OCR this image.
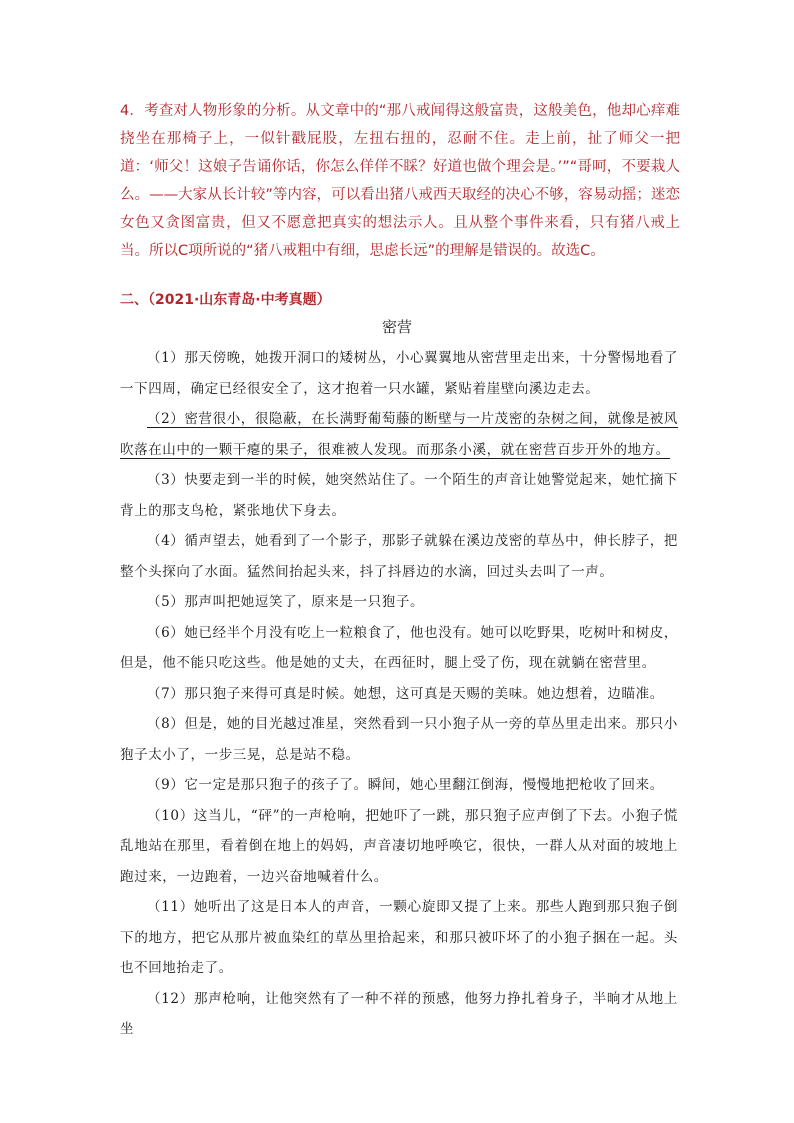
4．考查对人物形象的分析。从文章中的“那八戒闻得这般富贵，这般美色，他却心痒难挠坐在那椅子上，一似针戳屁股，左扭右扭的，忍耐不住。走上前，扯了师父一把道：‘师父！这娘子告诵你话，你怎么佯佯不睬？好道也做个理会是。’”“哥呵，不要栽人么。——大家从长计较”等内容，可以看出猪八戒西天取经的决心不够，容易动摇；迷恋女色又贪图富贵，但又不愿意把真实的想法示人。且从整个事件来看，只有猪八戒上当。所以C项所说的“猪八戒粗中有细，思虑长远”的理解是错误的。故选C。

二、（2021·山东青岛·中考真题）
密营

（1）那天傍晚，她拨开洞口的矮树丛，小心翼翼地从密营里走出来，十分警惕地看了一下四周，确定已经很安全了，这才抱着一只水罐，紧贴着崖壁向溪边走去。

（2）密营很小，很隐蔽，在长满野葡萄藤的断壁与一片茂密的杂树之间，就像是被风吹落在山中的一颗干瘪的果子，很难被人发现。而那条小溪，就在密营百步开外的地方。

（3）快要走到一半的时候，她突然站住了。一个陌生的声音让她警觉起来，她忙摘下背上的那支鸟枪，紧张地伏下身去。

（4）循声望去，她看到了一个影子，那影子就躲在溪边茂密的草丛中，伸长脖子，把整个头探向了水面。猛然间抬起头来，抖了抖唇边的水滴，回过头去叫了一声。

（5）那声叫把她逗笑了，原来是一只狍子。

（6）她已经半个月没有吃上一粒粮食了，他也没有。她可以吃野果，吃树叶和树皮，但是，他不能只吃这些。他是她的丈夫，在西征时，腿上受了伤，现在就躺在密营里。

（7）那只狍子来得可真是时候。她想，这可真是天赐的美味。她边想着，边瞄准。

（8）但是，她的目光越过准星，突然看到一只小狍子从一旁的草丛里走出来。那只小狍子太小了，一步三晃，总是站不稳。

（9）它一定是那只狍子的孩子了。瞬间，她心里翻江倒海，慢慢地把枪收了回来。

（10）这当儿，“砰”的一声枪响，把她吓了一跳，那只狍子应声倒了下去。小狍子慌乱地站在那里，看着倒在地上的妈妈，声音凄切地呼唤它，很快，一群人从对面的坡地上跑过来，一边跑着，一边兴奋地喊着什么。

（11）她听出了这是日本人的声音，一颗心旋即又提了上来。那些人跑到那只狍子倒下的地方，把它从那片被血染红的草丛里拾起来，和那只被吓坏了的小狍子捆在一起。头也不回地抬走了。

（12）那声枪响，让他突然有了一种不祥的预感，他努力挣扎着身子，半晌才从地上坐
